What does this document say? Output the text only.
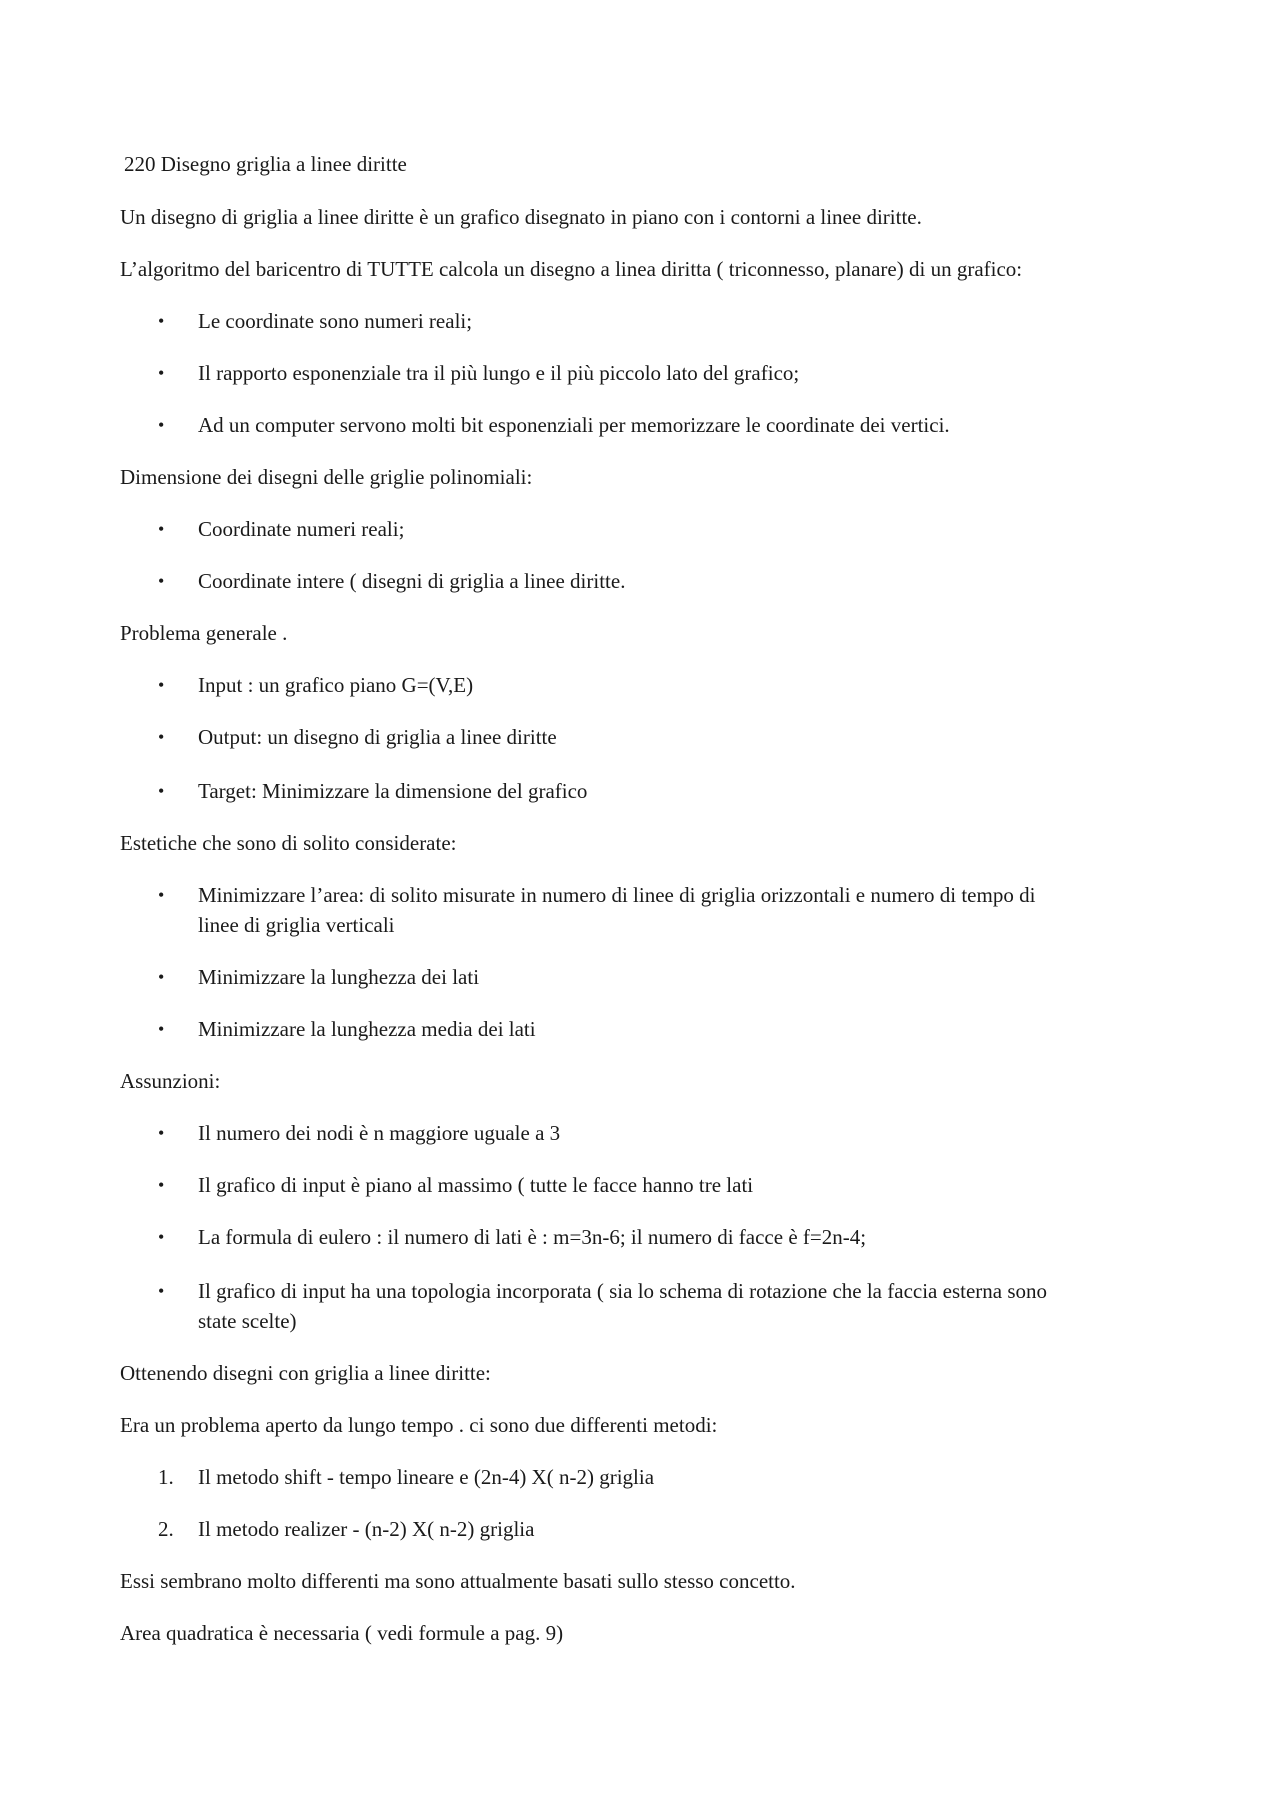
220 Disegno griglia a linee diritte
Un disegno di griglia a linee diritte è un grafico disegnato in piano con i contorni a linee diritte.
L’algoritmo del baricentro di TUTTE calcola un disegno a linea diritta ( triconnesso, planare) di un grafico:
•	Le coordinate sono numeri reali;
•	Il rapporto esponenziale tra il più lungo e il più piccolo lato del grafico;
•	Ad un computer servono molti bit esponenziali per memorizzare le coordinate dei vertici.
Dimensione dei disegni delle griglie polinomiali:
•	Coordinate numeri reali;
•	Coordinate intere ( disegni di griglia a linee diritte.
Problema generale .
•	Input : un grafico piano G=(V,E)
•	Output: un disegno di griglia a linee diritte
•	Target: Minimizzare la dimensione del grafico
Estetiche che sono di solito considerate:
•	Minimizzare l’area: di solito misurate in numero di linee di griglia orizzontali e numero di tempo di
linee di griglia verticali
•	Minimizzare la lunghezza dei lati
•	Minimizzare la lunghezza media dei lati
Assunzioni:
•	Il numero dei nodi è n maggiore uguale a 3
•	Il grafico di input è piano al massimo ( tutte le facce hanno tre lati
•	La formula di eulero : il numero di lati è : m=3n-6; il numero di facce è f=2n-4;
•	Il grafico di input ha una topologia incorporata ( sia lo schema di rotazione che la faccia esterna sono
state scelte)
Ottenendo disegni con griglia a linee diritte:
Era un problema aperto da lungo tempo . ci sono due differenti metodi:
1.	Il metodo shift - tempo lineare e (2n-4) X( n-2) griglia
2.	Il metodo realizer - (n-2) X( n-2) griglia
Essi sembrano molto differenti ma sono attualmente basati sullo stesso concetto.
Area quadratica è necessaria ( vedi formule a pag. 9)
